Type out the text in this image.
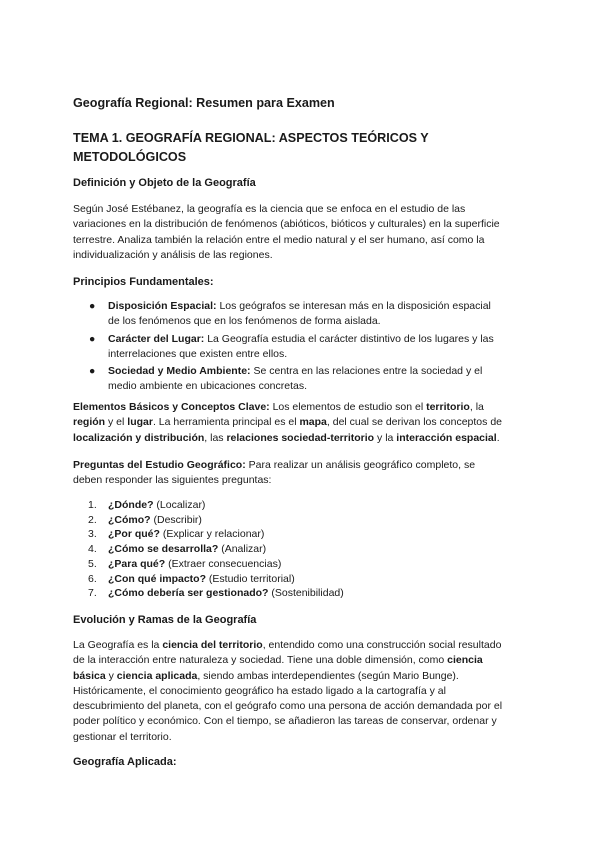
Geografía Regional: Resumen para Examen
TEMA 1. GEOGRAFÍA REGIONAL: ASPECTOS TEÓRICOS Y METODOLÓGICOS
Definición y Objeto de la Geografía
Según José Estébanez, la geografía es la ciencia que se enfoca en el estudio de las
variaciones en la distribución de fenómenos (abióticos, bióticos y culturales) en la superficie
terrestre. Analiza también la relación entre el medio natural y el ser humano, así como la
individualización y análisis de las regiones.
Principios Fundamentales:
● Disposición Espacial: Los geógrafos se interesan más en la disposición espacial
de los fenómenos que en los fenómenos de forma aislada.
● Carácter del Lugar: La Geografía estudia el carácter distintivo de los lugares y las
interrelaciones que existen entre ellos.
● Sociedad y Medio Ambiente: Se centra en las relaciones entre la sociedad y el
medio ambiente en ubicaciones concretas.
Elementos Básicos y Conceptos Clave: Los elementos de estudio son el territorio, la
región y el lugar. La herramienta principal es el mapa, del cual se derivan los conceptos de
localización y distribución, las relaciones sociedad-territorio y la interacción espacial.
Preguntas del Estudio Geográfico: Para realizar un análisis geográfico completo, se
deben responder las siguientes preguntas:
1. ¿Dónde? (Localizar)
2. ¿Cómo? (Describir)
3. ¿Por qué? (Explicar y relacionar)
4. ¿Cómo se desarrolla? (Analizar)
5. ¿Para qué? (Extraer consecuencias)
6. ¿Con qué impacto? (Estudio territorial)
7. ¿Cómo debería ser gestionado? (Sostenibilidad)
Evolución y Ramas de la Geografía
La Geografía es la ciencia del territorio, entendido como una construcción social resultado
de la interacción entre naturaleza y sociedad. Tiene una doble dimensión, como ciencia
básica y ciencia aplicada, siendo ambas interdependientes (según Mario Bunge).
Históricamente, el conocimiento geográfico ha estado ligado a la cartografía y al
descubrimiento del planeta, con el geógrafo como una persona de acción demandada por el
poder político y económico. Con el tiempo, se añadieron las tareas de conservar, ordenar y
gestionar el territorio.
Geografía Aplicada:
